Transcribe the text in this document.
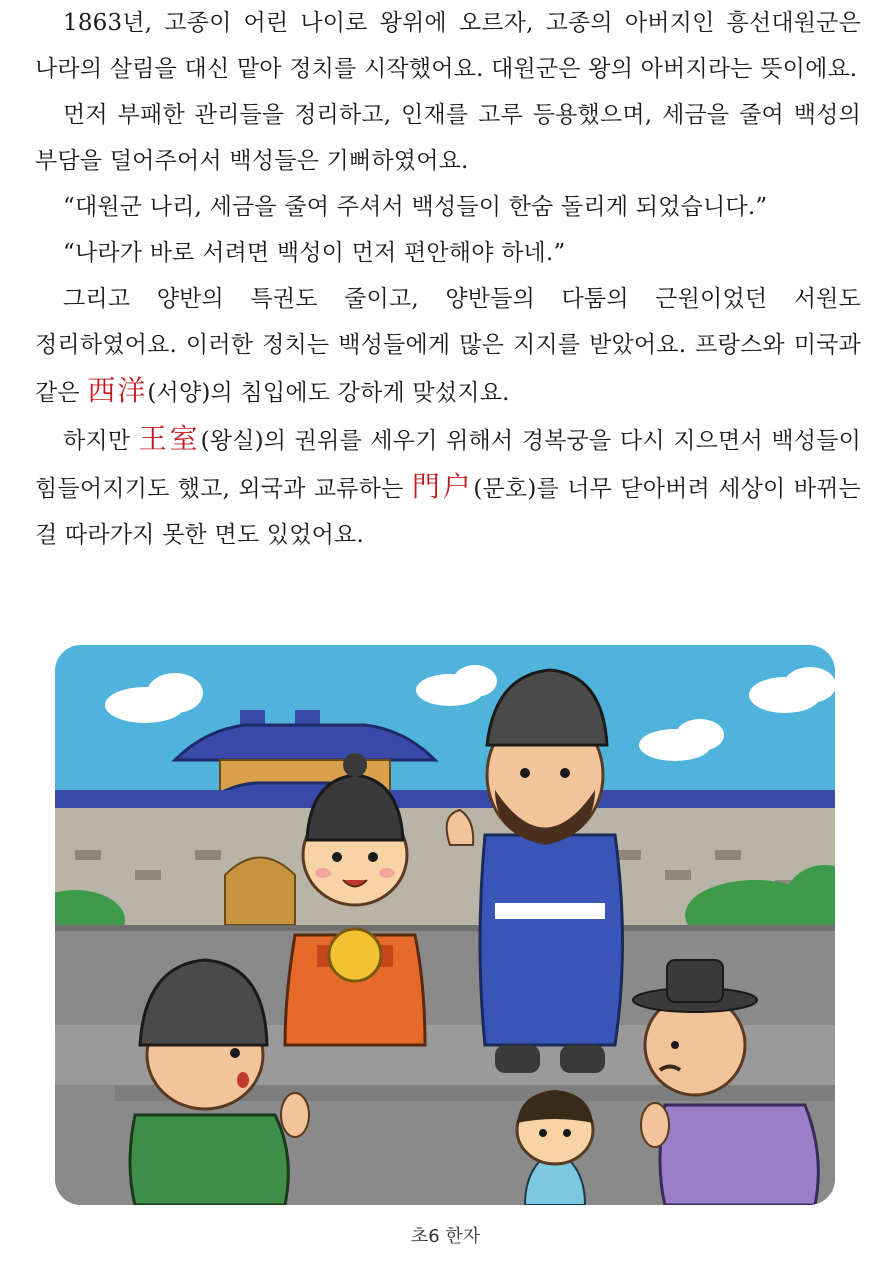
1863년, 고종이 어린 나이로 왕위에 오르자, 고종의 아버지인 흥선대원군은 나라의 살림을 대신 맡아 정치를 시작했어요. 대원군은 왕의 아버지라는 뜻이에요.

먼저 부패한 관리들을 정리하고, 인재를 고루 등용했으며, 세금을 줄여 백성의 부담을 덜어주어서 백성들은 기뻐하였어요.

“대원군 나리, 세금을 줄여 주셔서 백성들이 한숨 돌리게 되었습니다.”

“나라가 바로 서려면 백성이 먼저 편안해야 하네.”

그리고 양반의 특권도 줄이고, 양반들의 다툼의 근원이었던 서원도 정리하였어요. 이러한 정치는 백성들에게 많은 지지를 받았어요. 프랑스와 미국과 같은 西洋(서양)의 침입에도 강하게 맞섰지요.

하지만 王室(왕실)의 권위를 세우기 위해서 경복궁을 다시 지으면서 백성들이 힘들어지기도 했고, 외국과 교류하는 門户(문호)를 너무 닫아버려 세상이 바뀌는 걸 따라가지 못한 면도 있었어요.

초6 한자
